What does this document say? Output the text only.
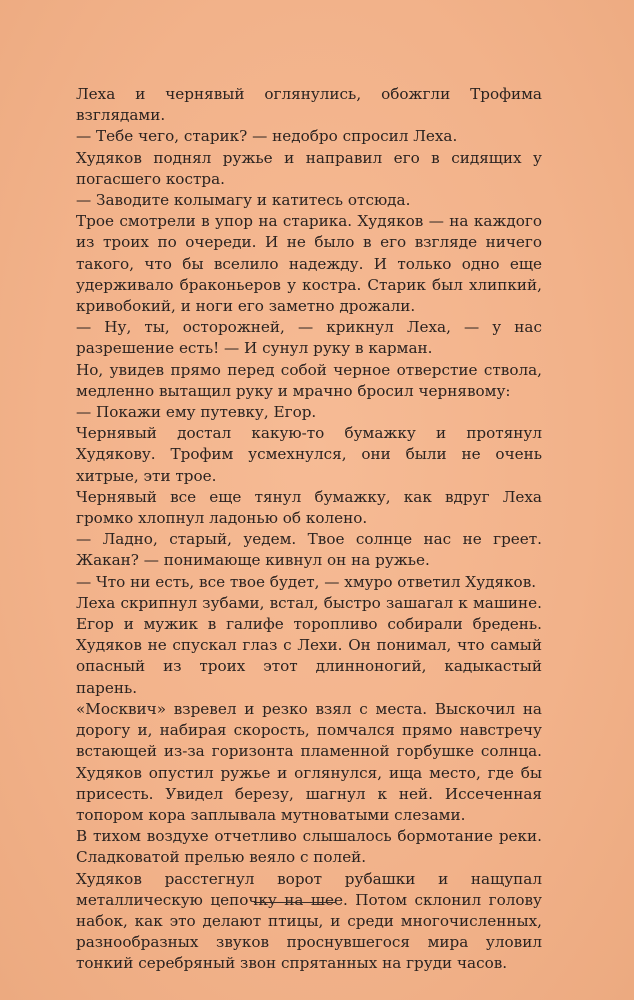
Леха и чернявый оглянулись, обожгли Трофима взглядами.

— Тебе чего, старик? — недобро спросил Леха.

Худяков поднял ружье и направил его в сидящих у погасшего костра.

— Заводите колымагу и катитесь отсюда.

Трое смотрели в упор на старика. Худяков — на каждого из троих по очереди. И не было в его взгляде ничего такого, что бы вселило надежду. И только одно еще удерживало браконьеров у костра. Старик был хлипкий, кривобокий, и ноги его заметно дрожали.

— Ну, ты, осторожней, — крикнул Леха, — у нас разрешение есть! — И сунул руку в карман.

Но, увидев прямо перед собой черное отверстие ствола, медленно вытащил руку и мрачно бросил чернявому:

— Покажи ему путевку, Егор.

Чернявый достал какую-то бумажку и протянул Худякову. Трофим усмехнулся, они были не очень хитрые, эти трое.

Чернявый все еще тянул бумажку, как вдруг Леха громко хлопнул ладонью об колено.

— Ладно, старый, уедем. Твое солнце нас не греет. Жакан? — понимающе кивнул он на ружье.

— Что ни есть, все твое будет, — хмуро ответил Худяков.

Леха скрипнул зубами, встал, быстро зашагал к машине. Егор и мужик в галифе торопливо собирали бредень. Худяков не спускал глаз с Лехи. Он понимал, что самый опасный из троих этот длинноногий, кадыкастый парень.

«Москвич» взревел и резко взял с места. Выскочил на дорогу и, набирая скорость, помчался прямо навстречу встающей из-за горизонта пламенной горбушке солнца. Худяков опустил ружье и оглянулся, ища место, где бы присесть. Увидел березу, шагнул к ней. Иссеченная топором кора заплывала мутноватыми слезами.

В тихом воздухе отчетливо слышалось бормотание реки. Сладковатой прелью веяло с полей.

Худяков расстегнул ворот рубашки и нащупал металлическую цепочку на шее. Потом склонил голову набок, как это делают птицы, и среди многочисленных, разнообразных звуков проснувшегося мира уловил тонкий серебряный звон спрятанных на груди часов.
